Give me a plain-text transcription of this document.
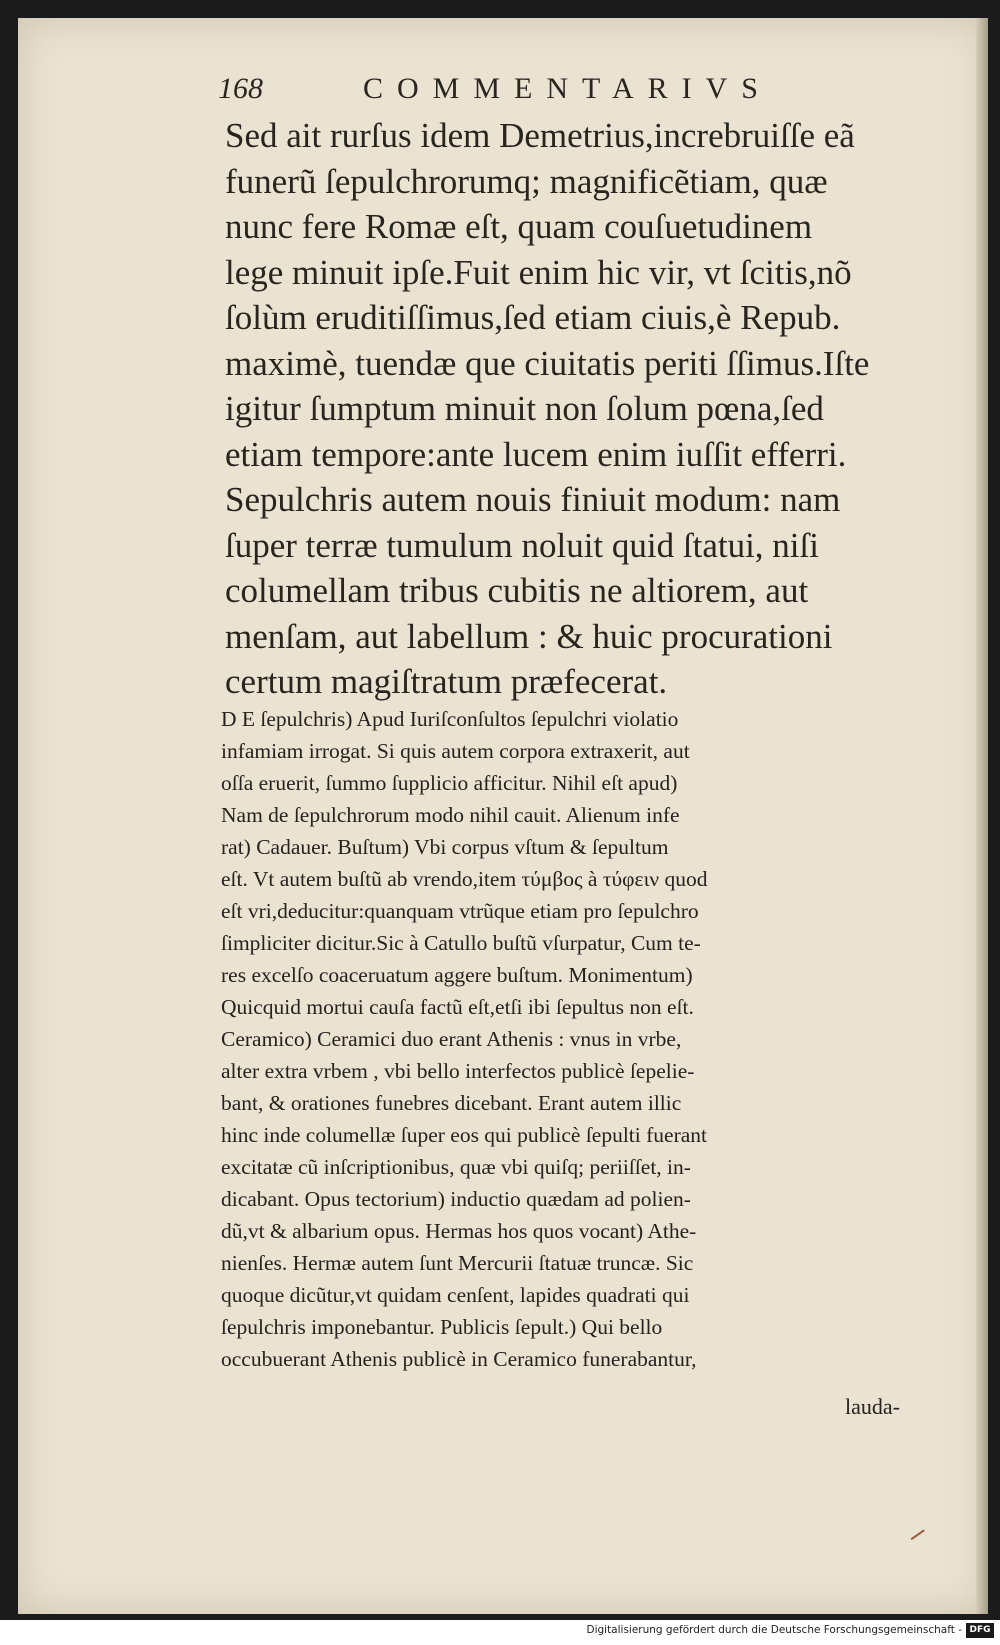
168	COMMENTARIVS
Sed ait rurſus idem Demetrius,increbruiſſe eã
funerũ ſepulchrorumq; magnificẽtiam, quæ
nunc fere Romæ eſt, quam couſuetudinem
lege minuit ipſe.Fuit enim hic vir, vt ſcitis,nõ
ſolùm eruditiſſimus,ſed etiam ciuis,è Repub.
maximè, tuendæ que ciuitatis periti ſſimus.Iſte
igitur ſumptum minuit non ſolum pœna,ſed
etiam tempore:ante lucem enim iuſſit efferri.
Sepulchris autem nouis finiuit modum: nam
ſuper terræ tumulum noluit quid ſtatui, niſi
columellam tribus cubitis ne altiorem, aut
menſam, aut labellum : & huic procurationi
certum magiſtratum præfecerat.
D E ſepulchris) Apud Iuriſconſultos ſepulchri violatio
infamiam irrogat. Si quis autem corpora extraxerit, aut
oſſa eruerit, ſummo ſupplicio afficitur. Nihil eſt apud)
Nam de ſepulchrorum modo nihil cauit. Alienum infe
rat) Cadauer. Buſtum) Vbi corpus vſtum & ſepultum
eſt. Vt autem buſtũ ab vrendo,item τύμβος à τύφειν quod
eſt vri,deducitur:quanquam vtrũque etiam pro ſepulchro
ſimpliciter dicitur.Sic à Catullo buſtũ vſurpatur, Cum te-
res excelſo coaceruatum aggere buſtum. Monimentum)
Quicquid mortui cauſa factũ eſt,etſi ibi ſepultus non eſt.
Ceramico) Ceramici duo erant Athenis : vnus in vrbe,
alter extra vrbem , vbi bello interfectos publicè ſepelie-
bant, & orationes funebres dicebant. Erant autem illic
hinc inde columellæ ſuper eos qui publicè ſepulti fuerant
excitatæ cũ inſcriptionibus, quæ vbi quiſq; periiſſet, in-
dicabant. Opus tectorium) inductio quædam ad polien-
dũ,vt & albarium opus. Hermas hos quos vocant) Athe-
nienſes. Hermæ autem ſunt Mercurii ſtatuæ truncæ. Sic
quoque dicũtur,vt quidam cenſent, lapides quadrati qui
ſepulchris imponebantur. Publicis ſepult.) Qui bello
occubuerant Athenis publicè in Ceramico funerabantur,
lauda-
Digitalisierung gefördert durch die Deutsche Forschungsgemeinschaft - DFG
